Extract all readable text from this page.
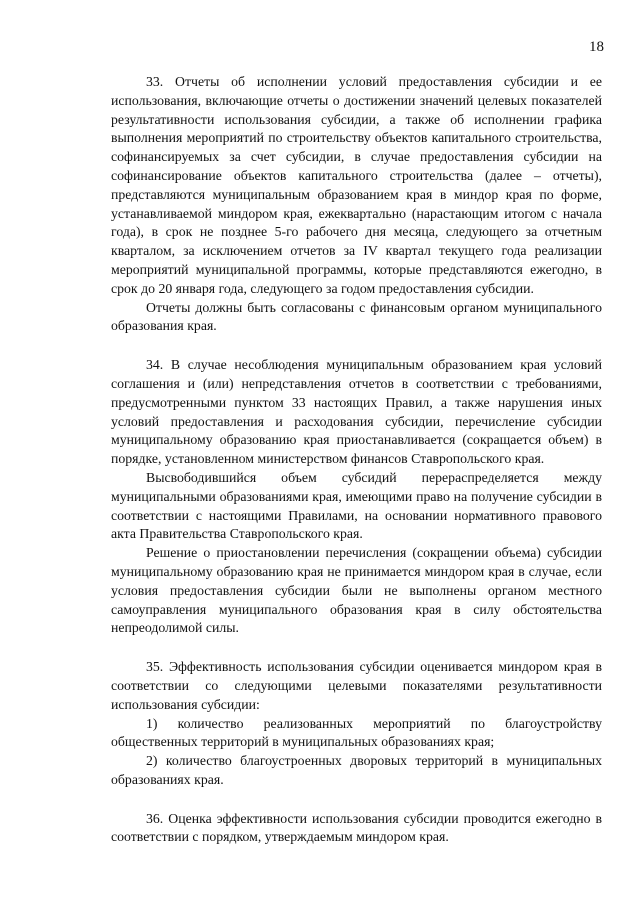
18

33. Отчеты об исполнении условий предоставления субсидии и ее использования, включающие отчеты о достижении значений целевых показателей результативности использования субсидии, а также об исполнении графика выполнения мероприятий по строительству объектов капитального строительства, софинансируемых за счет субсидии, в случае предоставления субсидии на софинансирование объектов капитального строительства (далее – отчеты), представляются муниципальным образованием края в миндор края по форме, устанавливаемой миндором края, ежеквартально (нарастающим итогом с начала года), в срок не позднее 5-го рабочего дня месяца, следующего за отчетным кварталом, за исключением отчетов за IV квартал текущего года реализации мероприятий муниципальной программы, которые представляются ежегодно, в срок до 20 января года, следующего за годом предоставления субсидии.

Отчеты должны быть согласованы с финансовым органом муниципального образования края.

34. В случае несоблюдения муниципальным образованием края условий соглашения и (или) непредставления отчетов в соответствии с требованиями, предусмотренными пунктом 33 настоящих Правил, а также нарушения иных условий предоставления и расходования субсидии, перечисление субсидии муниципальному образованию края приостанавливается (сокращается объем) в порядке, установленном министерством финансов Ставропольского края.

Высвободившийся объем субсидий перераспределяется между муниципальными образованиями края, имеющими право на получение субсидии в соответствии с настоящими Правилами, на основании нормативного правового акта Правительства Ставропольского края.

Решение о приостановлении перечисления (сокращении объема) субсидии муниципальному образованию края не принимается миндором края в случае, если условия предоставления субсидии были не выполнены органом местного самоуправления муниципального образования края в силу обстоятельства непреодолимой силы.

35. Эффективность использования субсидии оценивается миндором края в соответствии со следующими целевыми показателями результативности использования субсидии:

1) количество реализованных мероприятий по благоустройству общественных территорий в муниципальных образованиях края;

2) количество благоустроенных дворовых территорий в муниципальных образованиях края.

36. Оценка эффективности использования субсидии проводится ежегодно в соответствии с порядком, утверждаемым миндором края.
